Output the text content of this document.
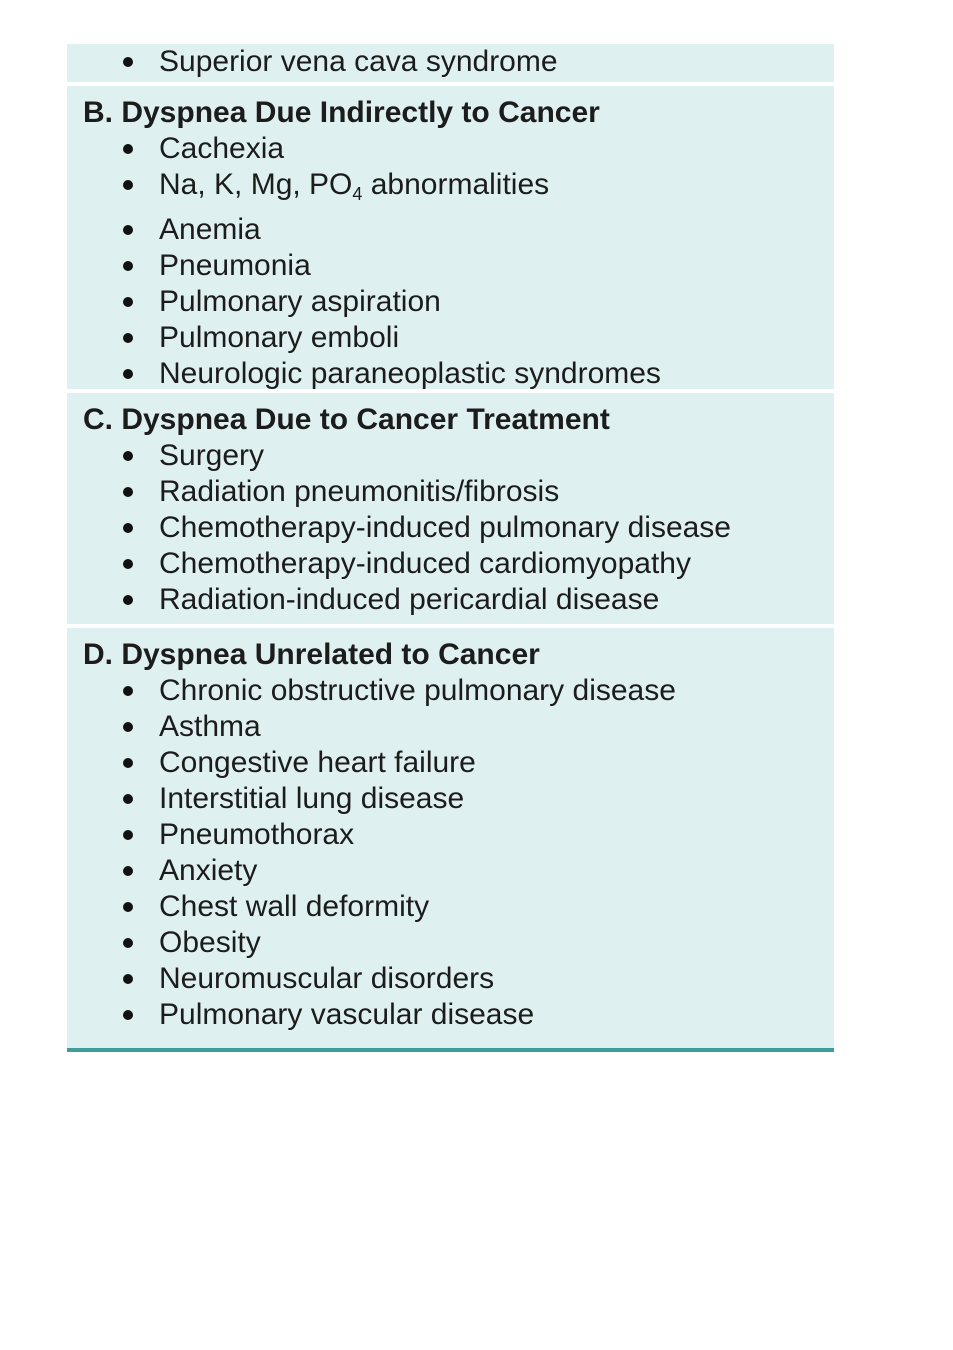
Superior vena cava syndrome
B. Dyspnea Due Indirectly to Cancer
Cachexia
Na, K, Mg, $PO_4$ abnormalities
Anemia
Pneumonia
Pulmonary aspiration
Pulmonary emboli
Neurologic paraneoplastic syndromes
C. Dyspnea Due to Cancer Treatment
Surgery
Radiation pneumonitis/fibrosis
Chemotherapy-induced pulmonary disease
Chemotherapy-induced cardiomyopathy
Radiation-induced pericardial disease
D. Dyspnea Unrelated to Cancer
Chronic obstructive pulmonary disease
Asthma
Congestive heart failure
Interstitial lung disease
Pneumothorax
Anxiety
Chest wall deformity
Obesity
Neuromuscular disorders
Pulmonary vascular disease
